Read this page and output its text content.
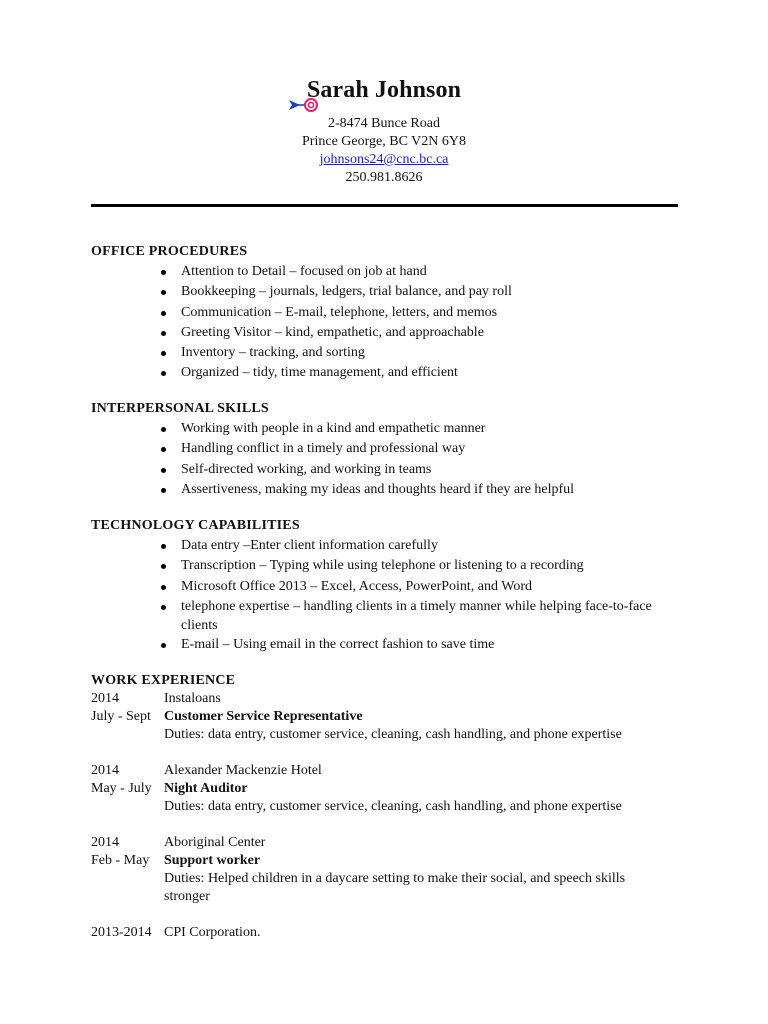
Sarah Johnson
2-8474 Bunce Road
Prince George, BC V2N 6Y8
johnsons24@cnc.bc.ca
250.981.8626
OFFICE PROCEDURES
Attention to Detail – focused on job at hand
Bookkeeping – journals, ledgers, trial balance, and pay roll
Communication – E-mail, telephone, letters, and memos
Greeting Visitor – kind, empathetic, and approachable
Inventory – tracking, and sorting
Organized – tidy, time management, and efficient
INTERPERSONAL SKILLS
Working with people in a kind and empathetic manner
Handling conflict in a timely and professional way
Self-directed working, and working in teams
Assertiveness, making my ideas and thoughts heard if they are helpful
TECHNOLOGY CAPABILITIES
Data entry –Enter client information carefully
Transcription – Typing while using telephone or listening to a recording
Microsoft Office 2013 – Excel, Access, PowerPoint, and Word
telephone expertise – handling clients in a timely manner while helping face-to-face clients
E-mail – Using email in the correct fashion to save time
WORK EXPERIENCE
2014	Instaloans
July - Sept Customer Service Representative
Duties: data entry, customer service, cleaning, cash handling, and phone expertise
2014	Alexander Mackenzie Hotel
May - July Night Auditor
Duties: data entry, customer service, cleaning, cash handling, and phone expertise
2014	Aboriginal Center
Feb - May	Support worker
Duties: Helped children in a daycare setting to make their social, and speech skills stronger
2013-2014 CPI Corporation.
